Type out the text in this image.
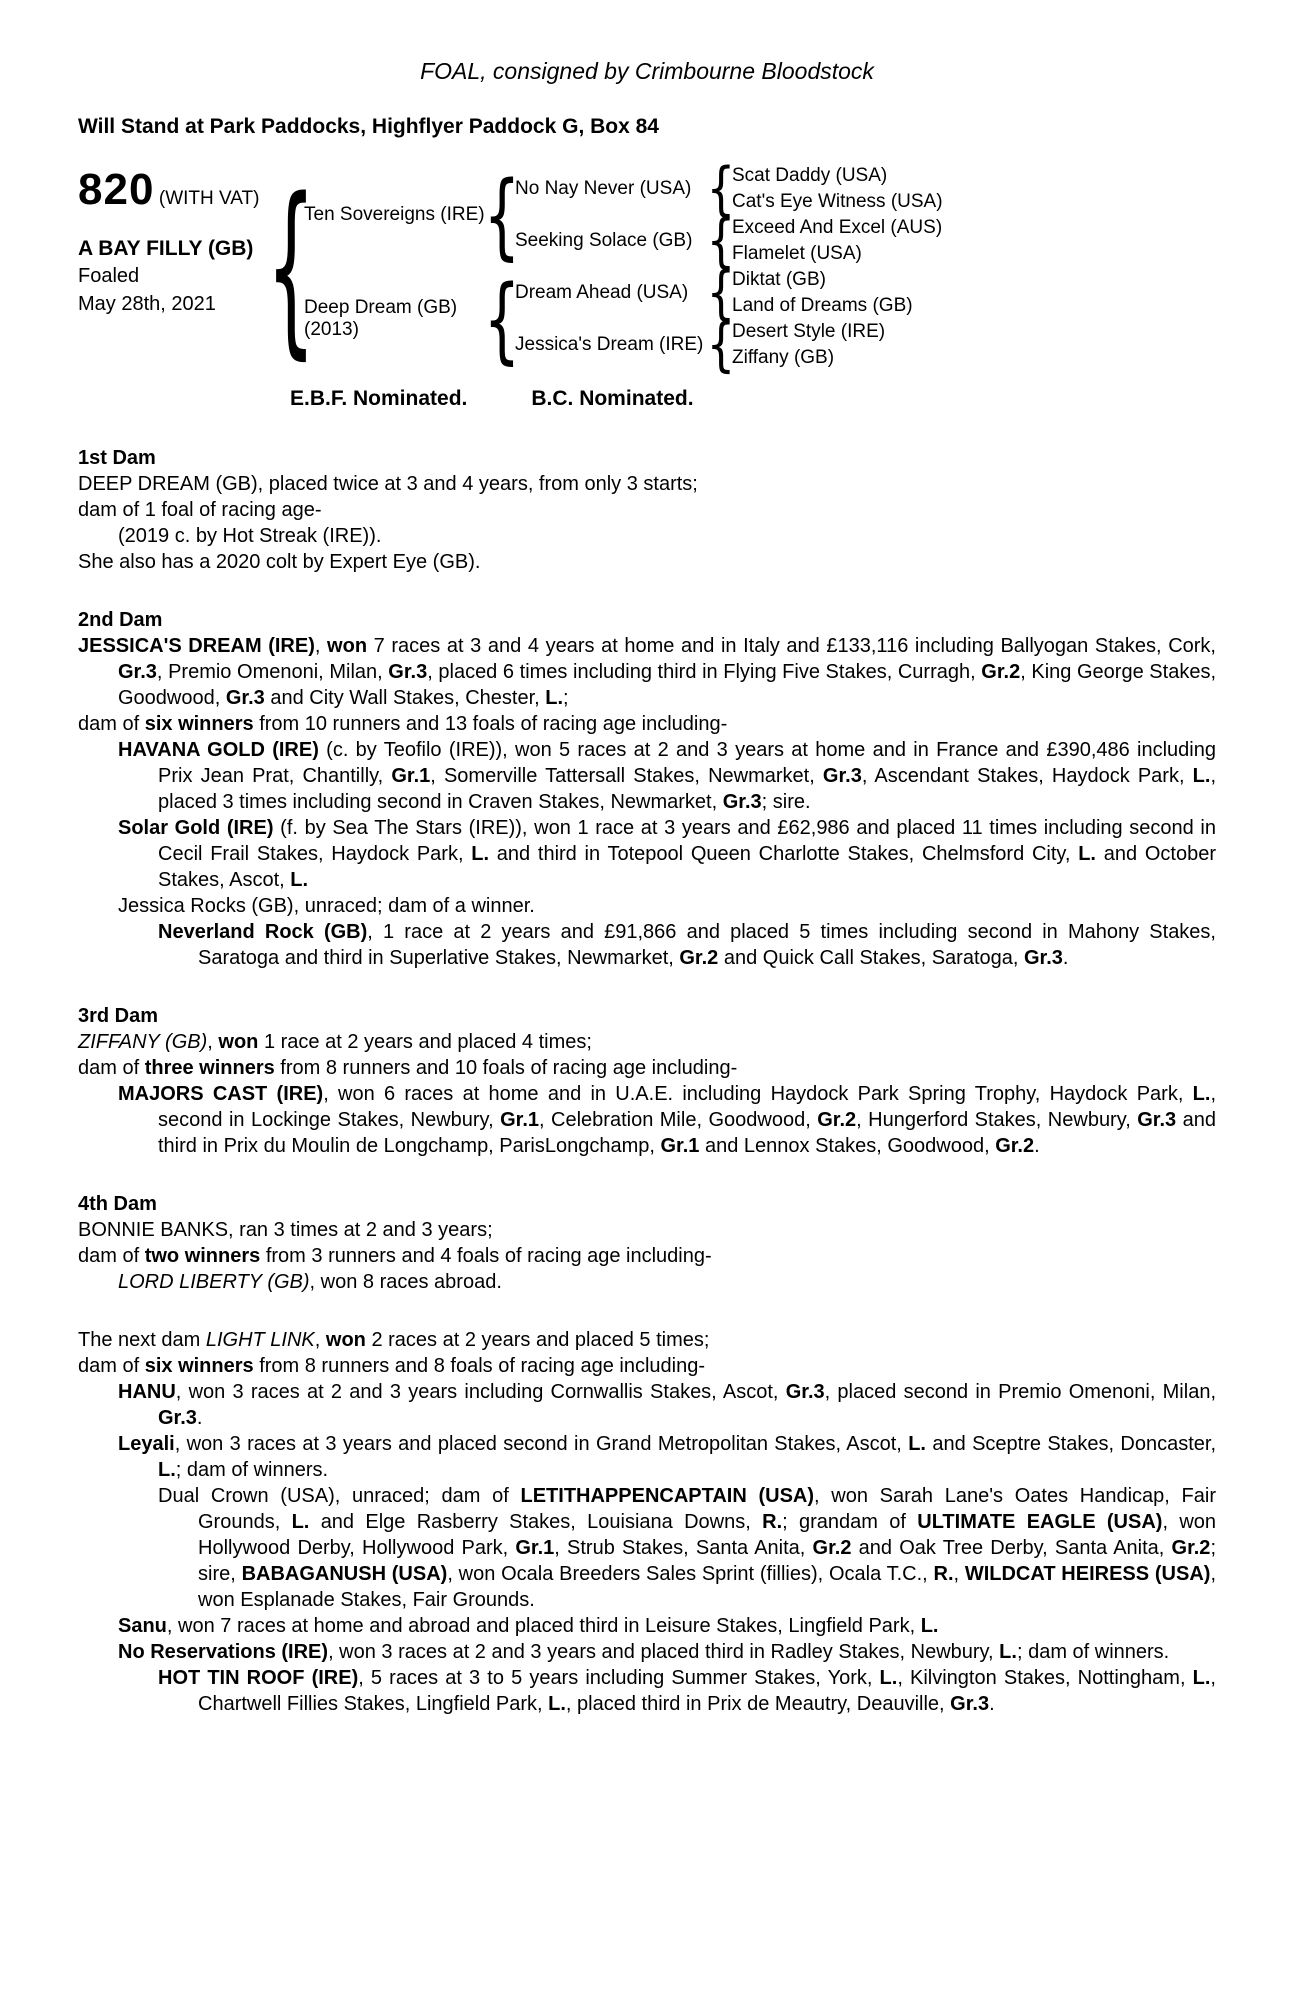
FOAL, consigned by Crimbourne Bloodstock
Will Stand at Park Paddocks, Highflyer Paddock G, Box 84
820 (WITH VAT)
A BAY FILLY (GB)
Foaled
May 28th, 2021
{
Ten Sovereigns (IRE)
{
No Nay Never (USA)
{
Scat Daddy (USA)
Cat's Eye Witness (USA)
Seeking Solace (GB)
{
Exceed And Excel (AUS)
Flamelet (USA)
Deep Dream (GB)
(2013)
{
Dream Ahead (USA)
{
Diktat (GB)
Land of Dreams (GB)
Jessica's Dream (IRE)
{
Desert Style (IRE)
Ziffany (GB)
E.B.F. Nominated.	B.C. Nominated.
1st Dam

DEEP DREAM (GB), placed twice at 3 and 4 years, from only 3 starts;

dam of 1 foal of racing age-

(2019 c. by Hot Streak (IRE)).

She also has a 2020 colt by Expert Eye (GB).

2nd Dam

JESSICA'S DREAM (IRE), won 7 races at 3 and 4 years at home and in Italy and £133,116 including Ballyogan Stakes, Cork, Gr.3, Premio Omenoni, Milan, Gr.3, placed 6 times including third in Flying Five Stakes, Curragh, Gr.2, King George Stakes, Goodwood, Gr.3 and City Wall Stakes, Chester, L.;

dam of six winners from 10 runners and 13 foals of racing age including-

HAVANA GOLD (IRE) (c. by Teofilo (IRE)), won 5 races at 2 and 3 years at home and in France and £390,486 including Prix Jean Prat, Chantilly, Gr.1, Somerville Tattersall Stakes, Newmarket, Gr.3, Ascendant Stakes, Haydock Park, L., placed 3 times including second in Craven Stakes, Newmarket, Gr.3; sire.

Solar Gold (IRE) (f. by Sea The Stars (IRE)), won 1 race at 3 years and £62,986 and placed 11 times including second in Cecil Frail Stakes, Haydock Park, L. and third in Totepool Queen Charlotte Stakes, Chelmsford City, L. and October Stakes, Ascot, L.

Jessica Rocks (GB), unraced; dam of a winner.

Neverland Rock (GB), 1 race at 2 years and £91,866 and placed 5 times including second in Mahony Stakes, Saratoga and third in Superlative Stakes, Newmarket, Gr.2 and Quick Call Stakes, Saratoga, Gr.3.

3rd Dam

ZIFFANY (GB), won 1 race at 2 years and placed 4 times;

dam of three winners from 8 runners and 10 foals of racing age including-

MAJORS CAST (IRE), won 6 races at home and in U.A.E. including Haydock Park Spring Trophy, Haydock Park, L., second in Lockinge Stakes, Newbury, Gr.1, Celebration Mile, Goodwood, Gr.2, Hungerford Stakes, Newbury, Gr.3 and third in Prix du Moulin de Longchamp, ParisLongchamp, Gr.1 and Lennox Stakes, Goodwood, Gr.2.

4th Dam

BONNIE BANKS, ran 3 times at 2 and 3 years;

dam of two winners from 3 runners and 4 foals of racing age including-

LORD LIBERTY (GB), won 8 races abroad.

The next dam LIGHT LINK, won 2 races at 2 years and placed 5 times;

dam of six winners from 8 runners and 8 foals of racing age including-

HANU, won 3 races at 2 and 3 years including Cornwallis Stakes, Ascot, Gr.3, placed second in Premio Omenoni, Milan, Gr.3.

Leyali, won 3 races at 3 years and placed second in Grand Metropolitan Stakes, Ascot, L. and Sceptre Stakes, Doncaster, L.; dam of winners.

Dual Crown (USA), unraced; dam of LETITHAPPENCAPTAIN (USA), won Sarah Lane's Oates Handicap, Fair Grounds, L. and Elge Rasberry Stakes, Louisiana Downs, R.; grandam of ULTIMATE EAGLE (USA), won Hollywood Derby, Hollywood Park, Gr.1, Strub Stakes, Santa Anita, Gr.2 and Oak Tree Derby, Santa Anita, Gr.2; sire, BABAGANUSH (USA), won Ocala Breeders Sales Sprint (fillies), Ocala T.C., R., WILDCAT HEIRESS (USA), won Esplanade Stakes, Fair Grounds.

Sanu, won 7 races at home and abroad and placed third in Leisure Stakes, Lingfield Park, L.

No Reservations (IRE), won 3 races at 2 and 3 years and placed third in Radley Stakes, Newbury, L.; dam of winners.

HOT TIN ROOF (IRE), 5 races at 3 to 5 years including Summer Stakes, York, L., Kilvington Stakes, Nottingham, L., Chartwell Fillies Stakes, Lingfield Park, L., placed third in Prix de Meautry, Deauville, Gr.3.
